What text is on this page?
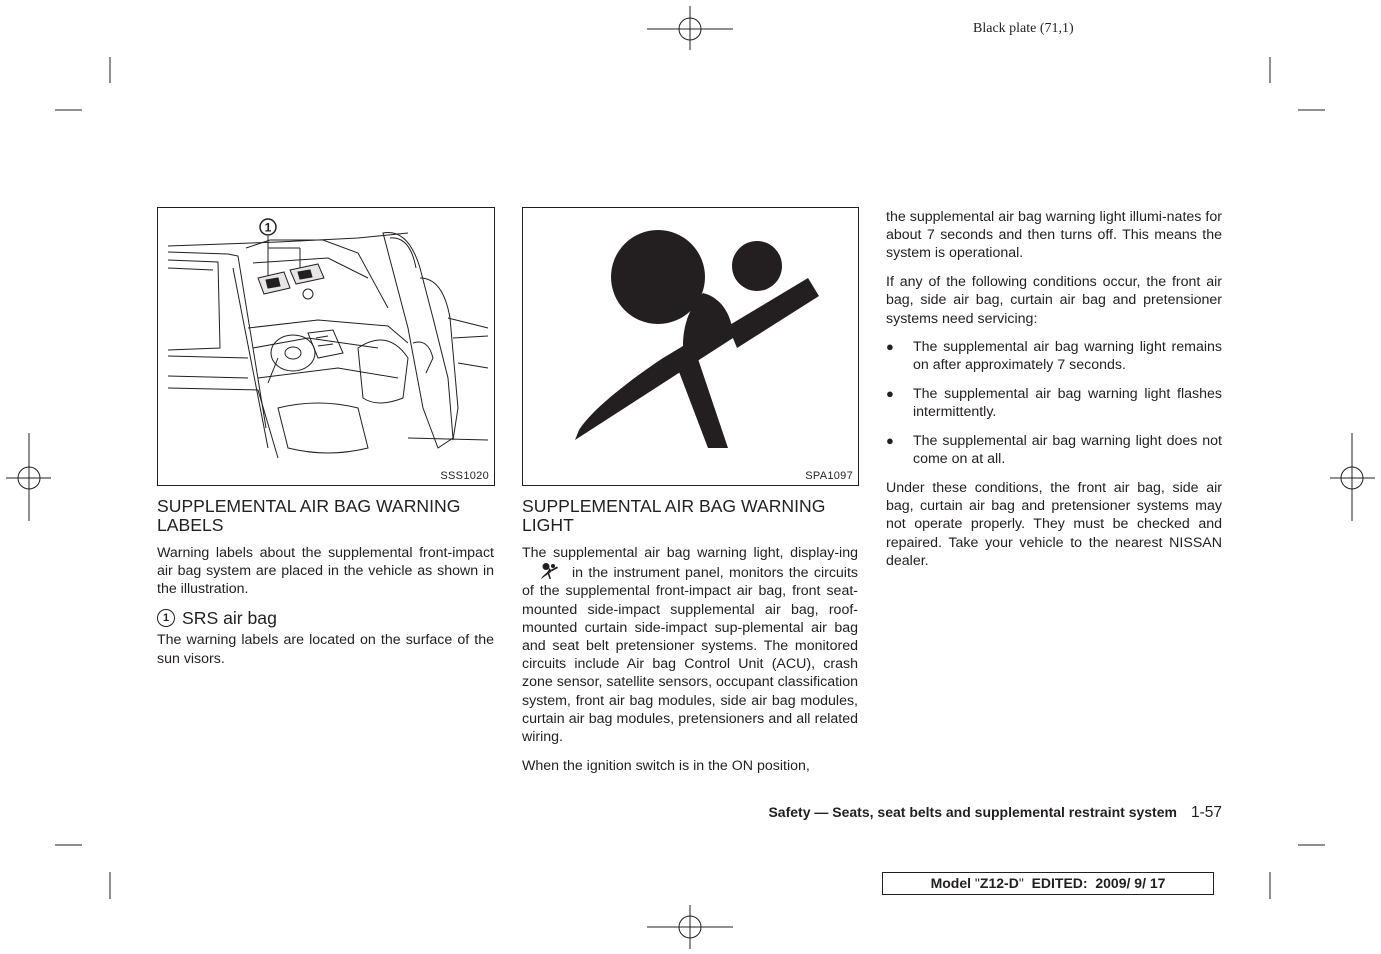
Black plate (71,1)
1
SSS1020	SPA1097
SUPPLEMENTAL AIR BAG WARNING
LABELS

Warning labels about the supplemental front-impact air bag system are placed in the vehicle as shown in the illustration.

1 SRS air bag

The warning labels are located on the surface of the sun visors.

SUPPLEMENTAL AIR BAG WARNING
LIGHT

The supplemental air bag warning light, display-ingin the instrument panel, monitors the circuits of the supplemental front-impact air bag, front seat-mounted side-impact supplemental air bag, roof-mounted curtain side-impact sup-plemental air bag and seat belt pretensioner systems. The monitored circuits include Air bag Control Unit (ACU), crash zone sensor, satellite sensors, occupant classification system, front air bag modules, side air bag modules, curtain air bag modules, pretensioners and all related wiring.

When the ignition switch is in the ON position,

the supplemental air bag warning light illumi-nates for about 7 seconds and then turns off. This means the system is operational.

If any of the following conditions occur, the front air bag, side air bag, curtain air bag and pretensioner systems need servicing:

● The supplemental air bag warning light remains on after approximately 7 seconds.
● The supplemental air bag warning light flashes intermittently.
● The supplemental air bag warning light does not come on at all.

Under these conditions, the front air bag, side air bag, curtain air bag and pretensioner systems may not operate properly. They must be checked and repaired. Take your vehicle to the nearest NISSAN dealer.

Safety — Seats, seat belts and supplemental restraint system 1-57
Model "Z12-D" EDITED: 2009/ 9/ 17
